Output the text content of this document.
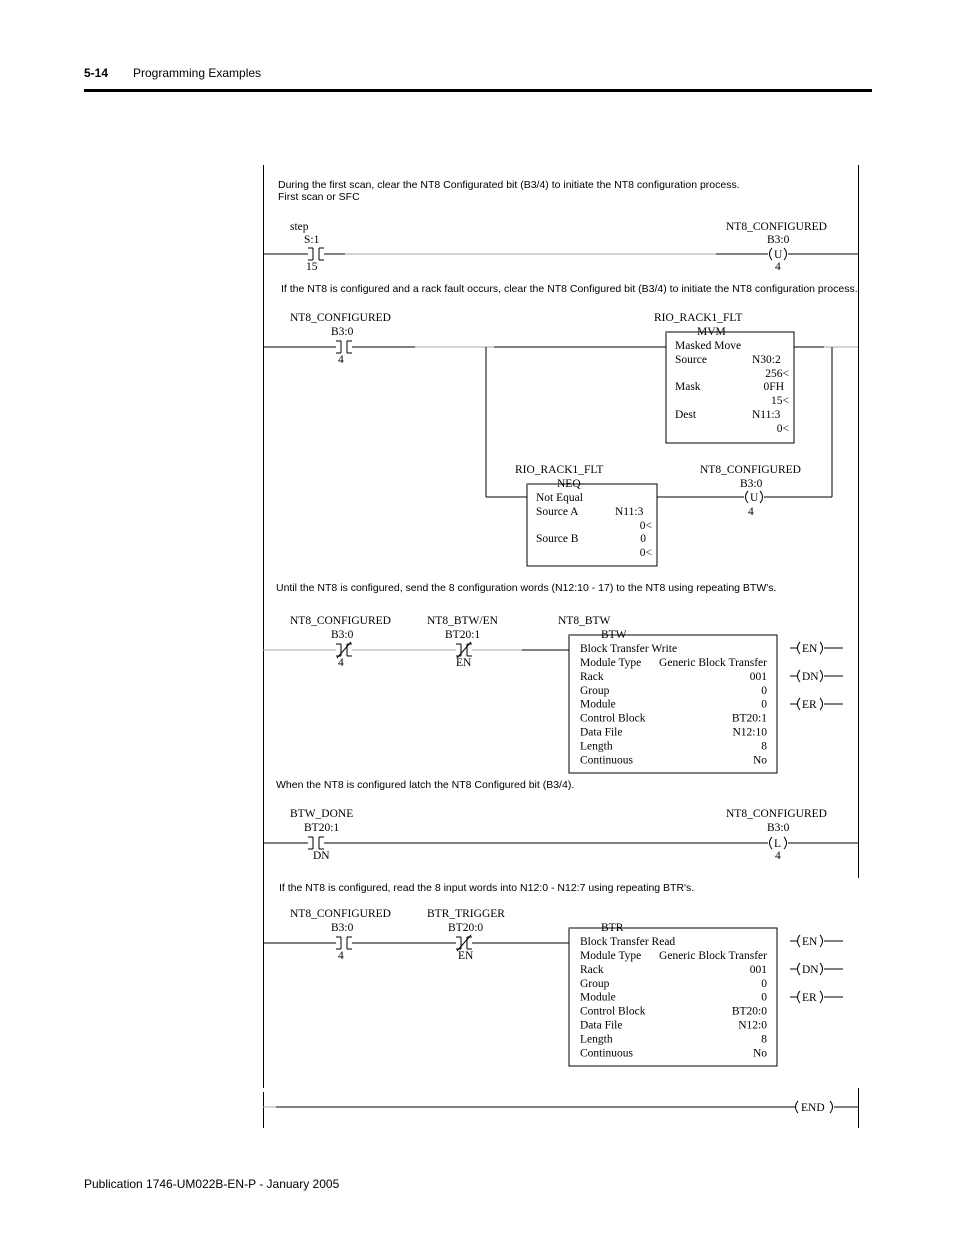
5-14 Programming Examples
During the first scan, clear the NT8 Configurated bit (B3/4) to initiate the NT8 configuration process.
First scan or SFC
step
S:1
15
NT8_CONFIGURED
B3:0
U
4
If the NT8 is configured and a rack fault occurs, clear the NT8 Configured bit (B3/4) to initiate the NT8 configuration process.
NT8_CONFIGURED
B3:0
4
RIO_RACK1_FLT
MVM
Masked Move
Source	N30:2
256<
Mask	0FH
15<
Dest	N11:3
0<
RIO_RACK1_FLT
NEQ
Not Equal
Source A	N11:3
0<
Source B	0
0<
NT8_CONFIGURED
B3:0
U
4
Until the NT8 is configured, send the 8 configuration words (N12:10 - 17) to the NT8 using repeating BTW's.
NT8_CONFIGURED
B3:0
4
NT8_BTW/EN
BT20:1
EN
NT8_BTW
BTW
Block Transfer Write
Module Type Generic Block Transfer
Rack	001
Group	0
Module	0
Control Block	BT20:1
Data File	N12:10
Length	8
Continuous	No
EN
DN
ER
When the NT8 is configured latch the NT8 Configured bit (B3/4).
BTW_DONE
BT20:1
DN
NT8_CONFIGURED
B3:0
L
4
If the NT8 is configured, read the 8 input words into N12:0 - N12:7 using repeating BTR's.
NT8_CONFIGURED
B3:0
4
BTR_TRIGGER
BT20:0
EN
BTR
Block Transfer Read
Module Type Generic Block Transfer
Rack	001
Group	0
Module	0
Control Block	BT20:0
Data File	N12:0
Length	8
Continuous	No
EN
DN
ER
END
Publication 1746-UM022B-EN-P - January 2005
